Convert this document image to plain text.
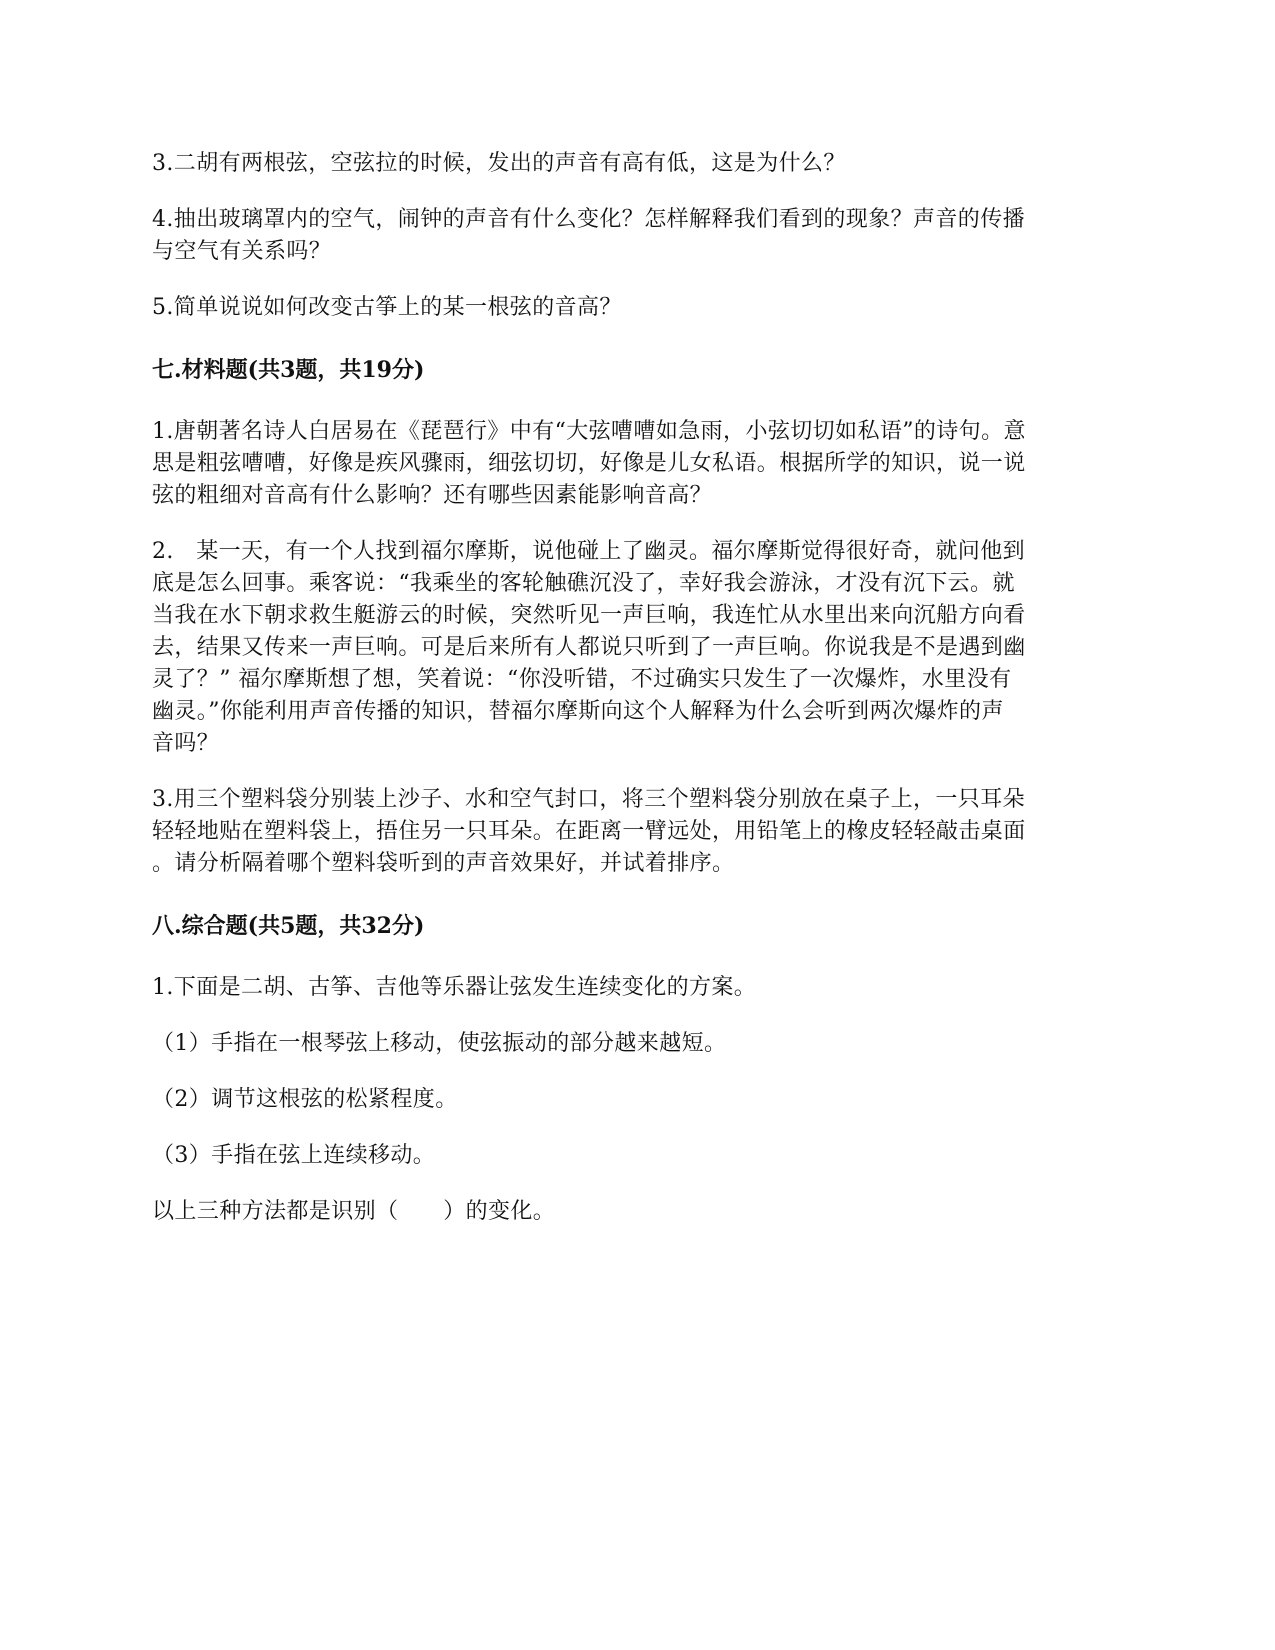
3.二胡有两根弦，空弦拉的时候，发出的声音有高有低，这是为什么？
4.抽出玻璃罩内的空气，闹钟的声音有什么变化？怎样解释我们看到的现象？声音的传播
与空气有关系吗？
5.简单说说如何改变古筝上的某一根弦的音高？
七.材料题(共3题，共19分)
1.唐朝著名诗人白居易在《琵琶行》中有“大弦嘈嘈如急雨，小弦切切如私语”的诗句。意
思是粗弦嘈嘈，好像是疾风骤雨，细弦切切，好像是儿女私语。根据所学的知识，说一说
弦的粗细对音高有什么影响？还有哪些因素能影响音高？
2.　某一天，有一个人找到福尔摩斯，说他碰上了幽灵。福尔摩斯觉得很好奇，就问他到
底是怎么回事。乘客说：“我乘坐的客轮触礁沉没了，幸好我会游泳，才没有沉下云。就
当我在水下朝求救生艇游云的时候，突然听见一声巨响，我连忙从水里出来向沉船方向看
去，结果又传来一声巨响。可是后来所有人都说只听到了一声巨响。你说我是不是遇到幽
灵了？” 福尔摩斯想了想，笑着说：“你没听错，不过确实只发生了一次爆炸，水里没有
幽灵。”你能利用声音传播的知识，替福尔摩斯向这个人解释为什么会听到两次爆炸的声
音吗？
3.用三个塑料袋分别装上沙子、水和空气封口，将三个塑料袋分别放在桌子上，一只耳朵
轻轻地贴在塑料袋上，捂住另一只耳朵。在距离一臂远处，用铅笔上的橡皮轻轻敲击桌面
。请分析隔着哪个塑料袋听到的声音效果好，并试着排序。
八.综合题(共5题，共32分)
1.下面是二胡、古筝、吉他等乐器让弦发生连续变化的方案。
（1）手指在一根琴弦上移动，使弦振动的部分越来越短。
（2）调节这根弦的松紧程度。
（3）手指在弦上连续移动。
以上三种方法都是识别（　　）的变化。
